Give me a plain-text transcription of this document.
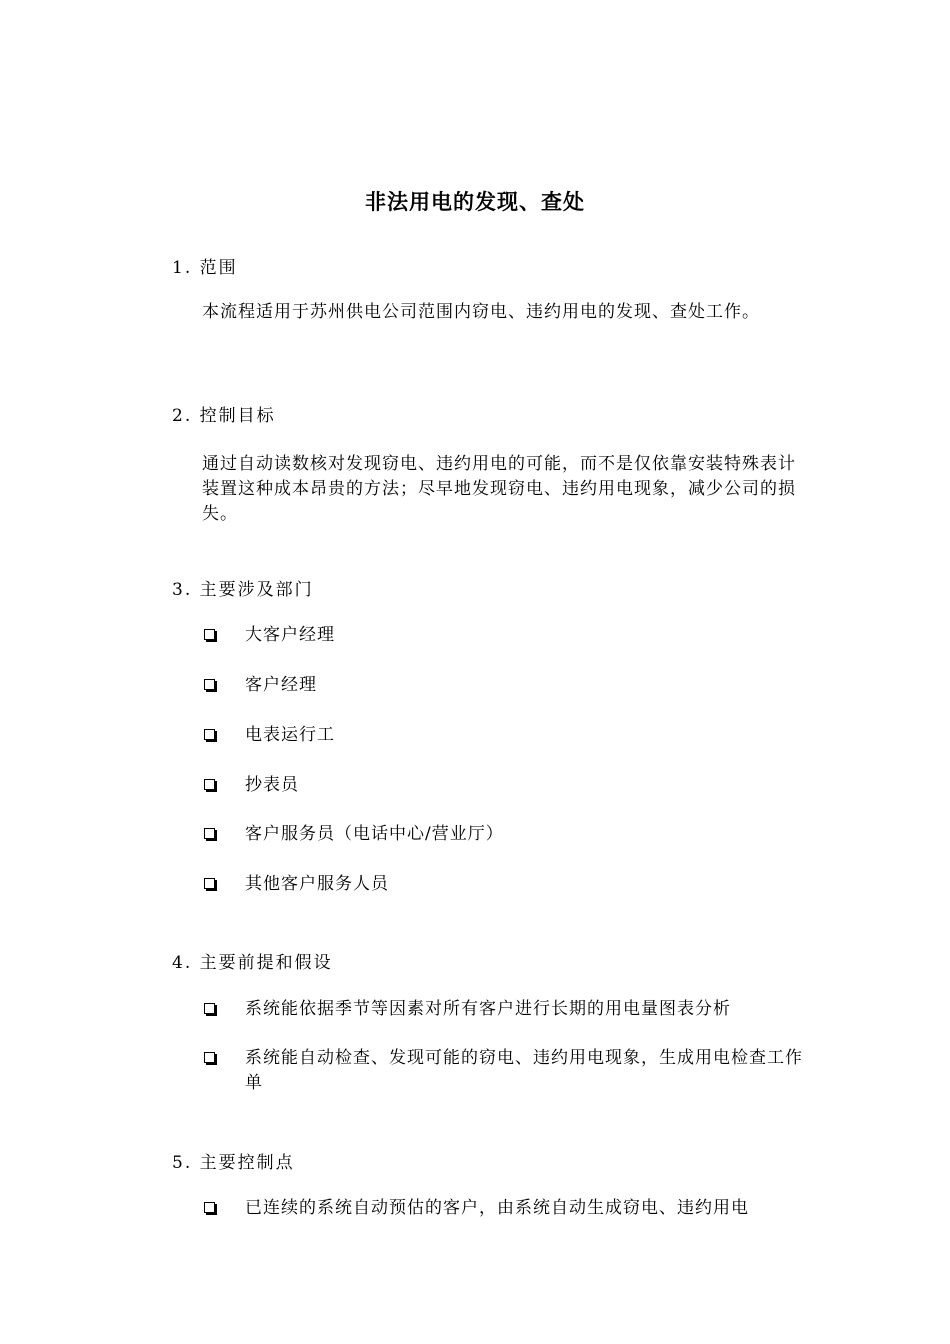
非法用电的发现、查处
1. 范围
本流程适用于苏州供电公司范围内窃电、违约用电的发现、查处工作。
2. 控制目标
通过自动读数核对发现窃电、违约用电的可能，而不是仅依靠安装特殊表计装置这种成本昂贵的方法；尽早地发现窃电、违约用电现象，减少公司的损失。
3. 主要涉及部门
大客户经理
客户经理
电表运行工
抄表员
客户服务员（电话中心/营业厅）
其他客户服务人员
4. 主要前提和假设
系统能依据季节等因素对所有客户进行长期的用电量图表分析
系统能自动检查、发现可能的窃电、违约用电现象，生成用电检查工作单
5. 主要控制点
已连续的系统自动预估的客户，由系统自动生成窃电、违约用电
